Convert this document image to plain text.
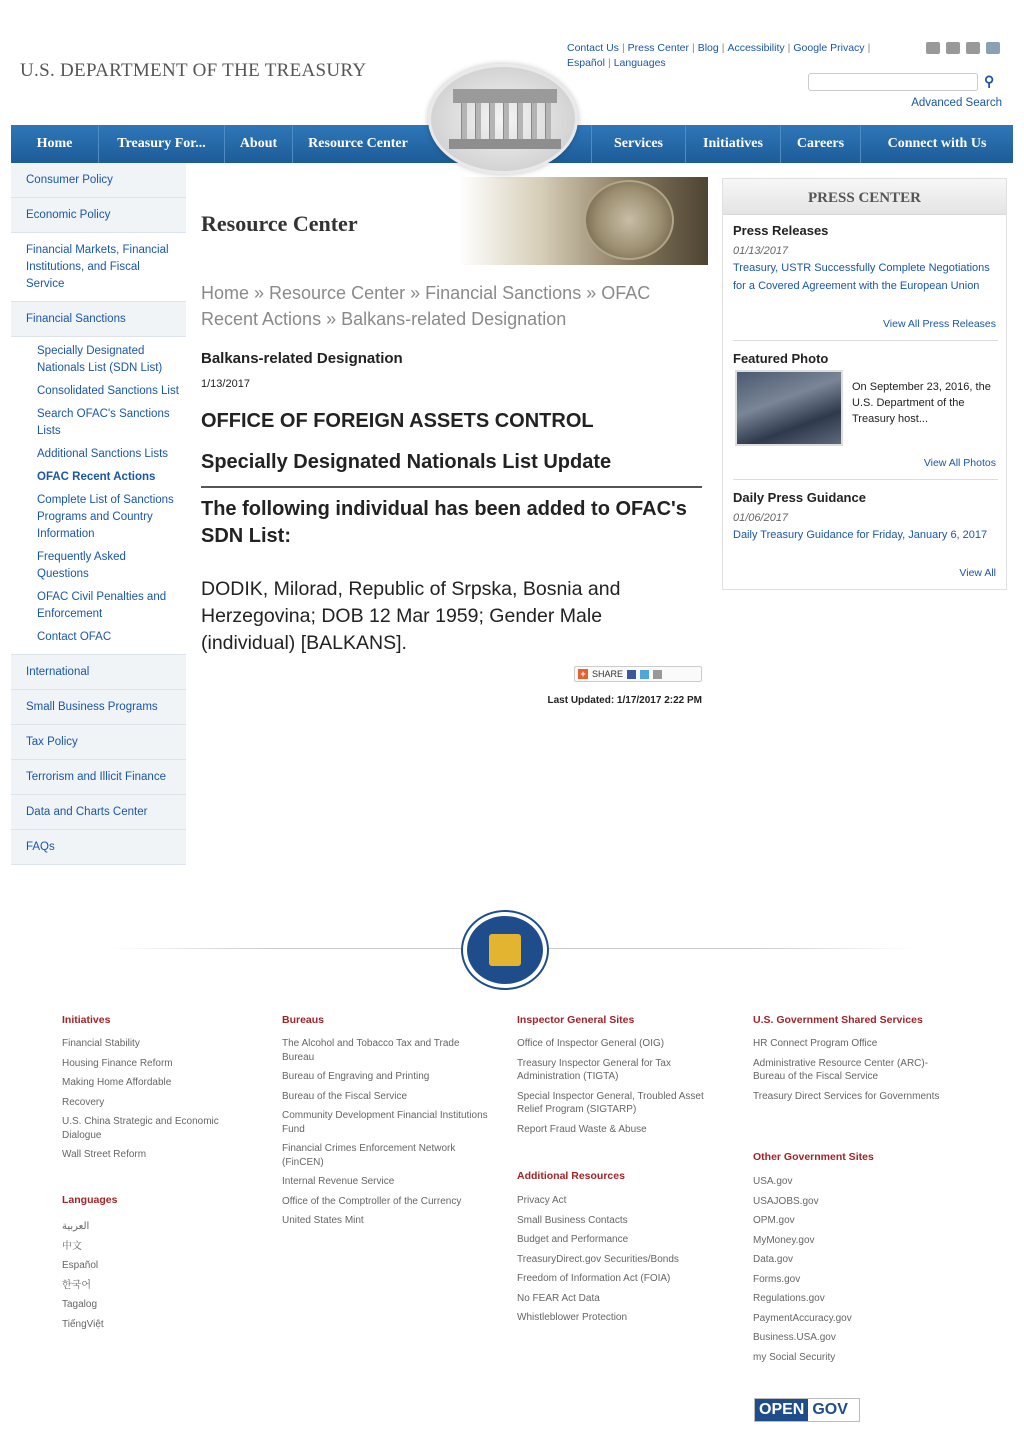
U.S. DEPARTMENT OF THE TREASURY
Contact Us | Press Center | Blog | Accessibility | Google Privacy |
Español | Languages
⚲
Advanced Search
Home	Treasury For...	About	Resource Center	Services	Initiatives	Careers	Connect with Us
Consumer Policy
Economic Policy
Financial Markets, Financial Institutions, and Fiscal Service
Financial Sanctions
Specially Designated Nationals List (SDN List)
Consolidated Sanctions List
Search OFAC's Sanctions Lists
Additional Sanctions Lists
OFAC Recent Actions
Complete List of Sanctions Programs and Country Information
Frequently Asked Questions
OFAC Civil Penalties and Enforcement
Contact OFAC
International
Small Business Programs
Tax Policy
Terrorism and Illicit Finance
Data and Charts Center
FAQs
Resource Center
Home » Resource Center » Financial Sanctions » OFAC Recent Actions » Balkans-related Designation
Balkans-related Designation
1/13/2017
OFFICE OF FOREIGN ASSETS CONTROL
Specially Designated Nationals List Update
The following individual has been added to OFAC's SDN List:
DODIK, Milorad, Republic of Srpska, Bosnia and Herzegovina; DOB 12 Mar 1959; Gender Male (individual) [BALKANS].
+ SHARE
Last Updated: 1/17/2017 2:22 PM
PRESS CENTER
Press Releases
01/13/2017
Treasury, USTR Successfully Complete Negotiations for a Covered Agreement with the European Union
View All Press Releases
Featured Photo
On September 23, 2016, the U.S. Department of the Treasury host...
View All Photos
Daily Press Guidance
01/06/2017
Daily Treasury Guidance for Friday, January 6, 2017
View All
Initiatives
Financial Stability
Housing Finance Reform
Making Home Affordable
Recovery
U.S. China Strategic and Economic Dialogue
Wall Street Reform
Languages
العربية
中文
Español
한국어
Tagalog
TiếngViệt
Bureaus
The Alcohol and Tobacco Tax and Trade Bureau
Bureau of Engraving and Printing
Bureau of the Fiscal Service
Community Development Financial Institutions Fund
Financial Crimes Enforcement Network (FinCEN)
Internal Revenue Service
Office of the Comptroller of the Currency
United States Mint
Inspector General Sites
Office of Inspector General (OIG)
Treasury Inspector General for Tax Administration (TIGTA)
Special Inspector General, Troubled Asset Relief Program (SIGTARP)
Report Fraud Waste & Abuse
Additional Resources
Privacy Act
Small Business Contacts
Budget and Performance
TreasuryDirect.gov Securities/Bonds
Freedom of Information Act (FOIA)
No FEAR Act Data
Whistleblower Protection
U.S. Government Shared Services
HR Connect Program Office
Administrative Resource Center (ARC)- Bureau of the Fiscal Service
Treasury Direct Services for Governments
Other Government Sites
USA.gov
USAJOBS.gov
OPM.gov
MyMoney.gov
Data.gov
Forms.gov
Regulations.gov
PaymentAccuracy.gov
Business.USA.gov
my Social Security
OPEN GOV
